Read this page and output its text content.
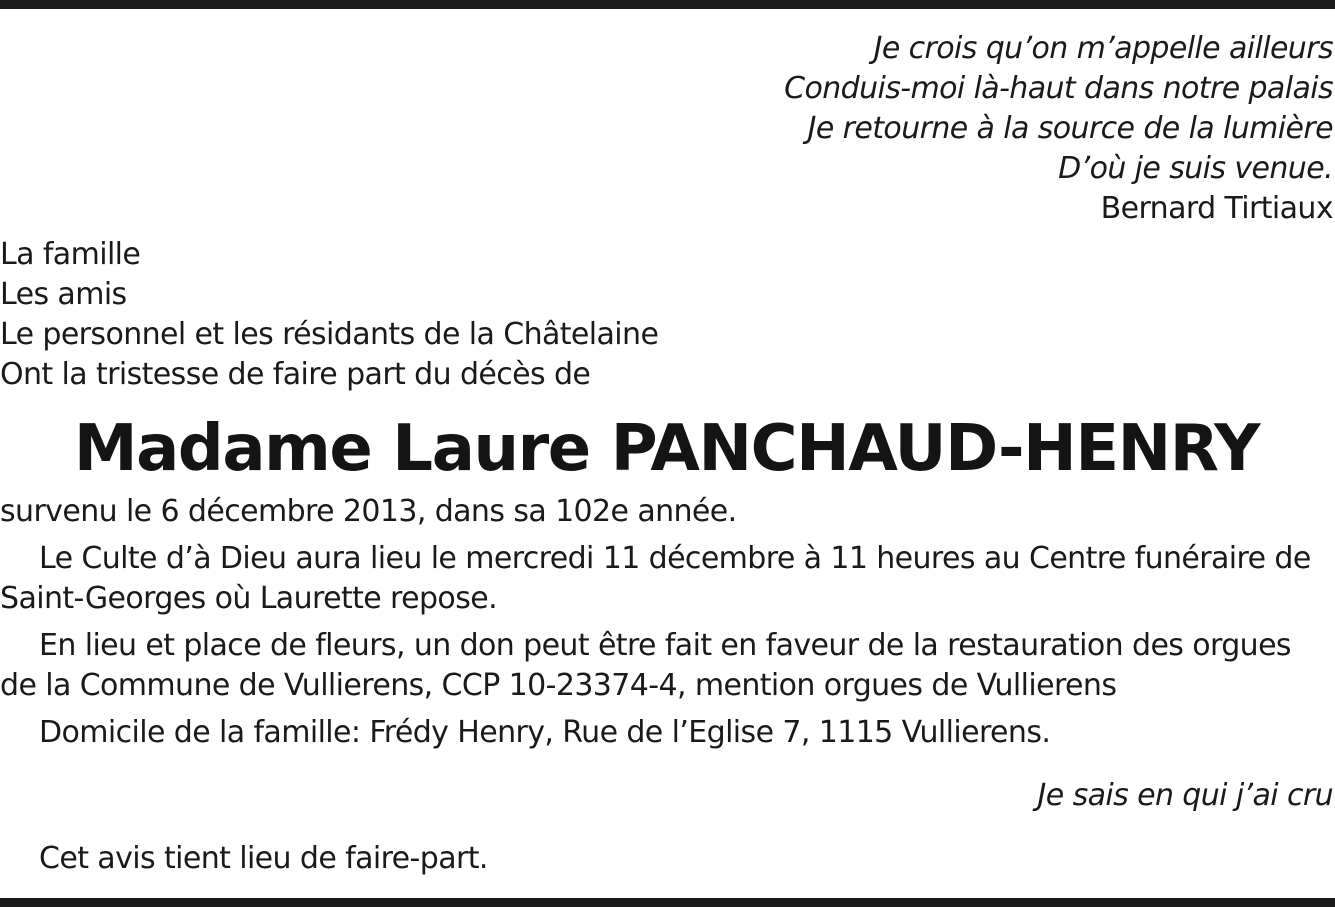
Je crois qu’on m’appelle ailleurs
Conduis-moi là-haut dans notre palais
Je retourne à la source de la lumière
D’où je suis venue.
Bernard Tirtiaux
La famille
Les amis
Le personnel et les résidants de la Châtelaine
Ont la tristesse de faire part du décès de
Madame Laure PANCHAUD-HENRY
survenu le 6 décembre 2013, dans sa 102e année.
Le Culte d’à Dieu aura lieu le mercredi 11 décembre à 11 heures au Centre funéraire de
Saint-Georges où Laurette repose.
En lieu et place de fleurs, un don peut être fait en faveur de la restauration des orgues
de la Commune de Vullierens, CCP 10-23374-4, mention orgues de Vullierens
Domicile de la famille: Frédy Henry, Rue de l’Eglise 7, 1115 Vullierens.
Je sais en qui j’ai cru
Cet avis tient lieu de faire-part.
